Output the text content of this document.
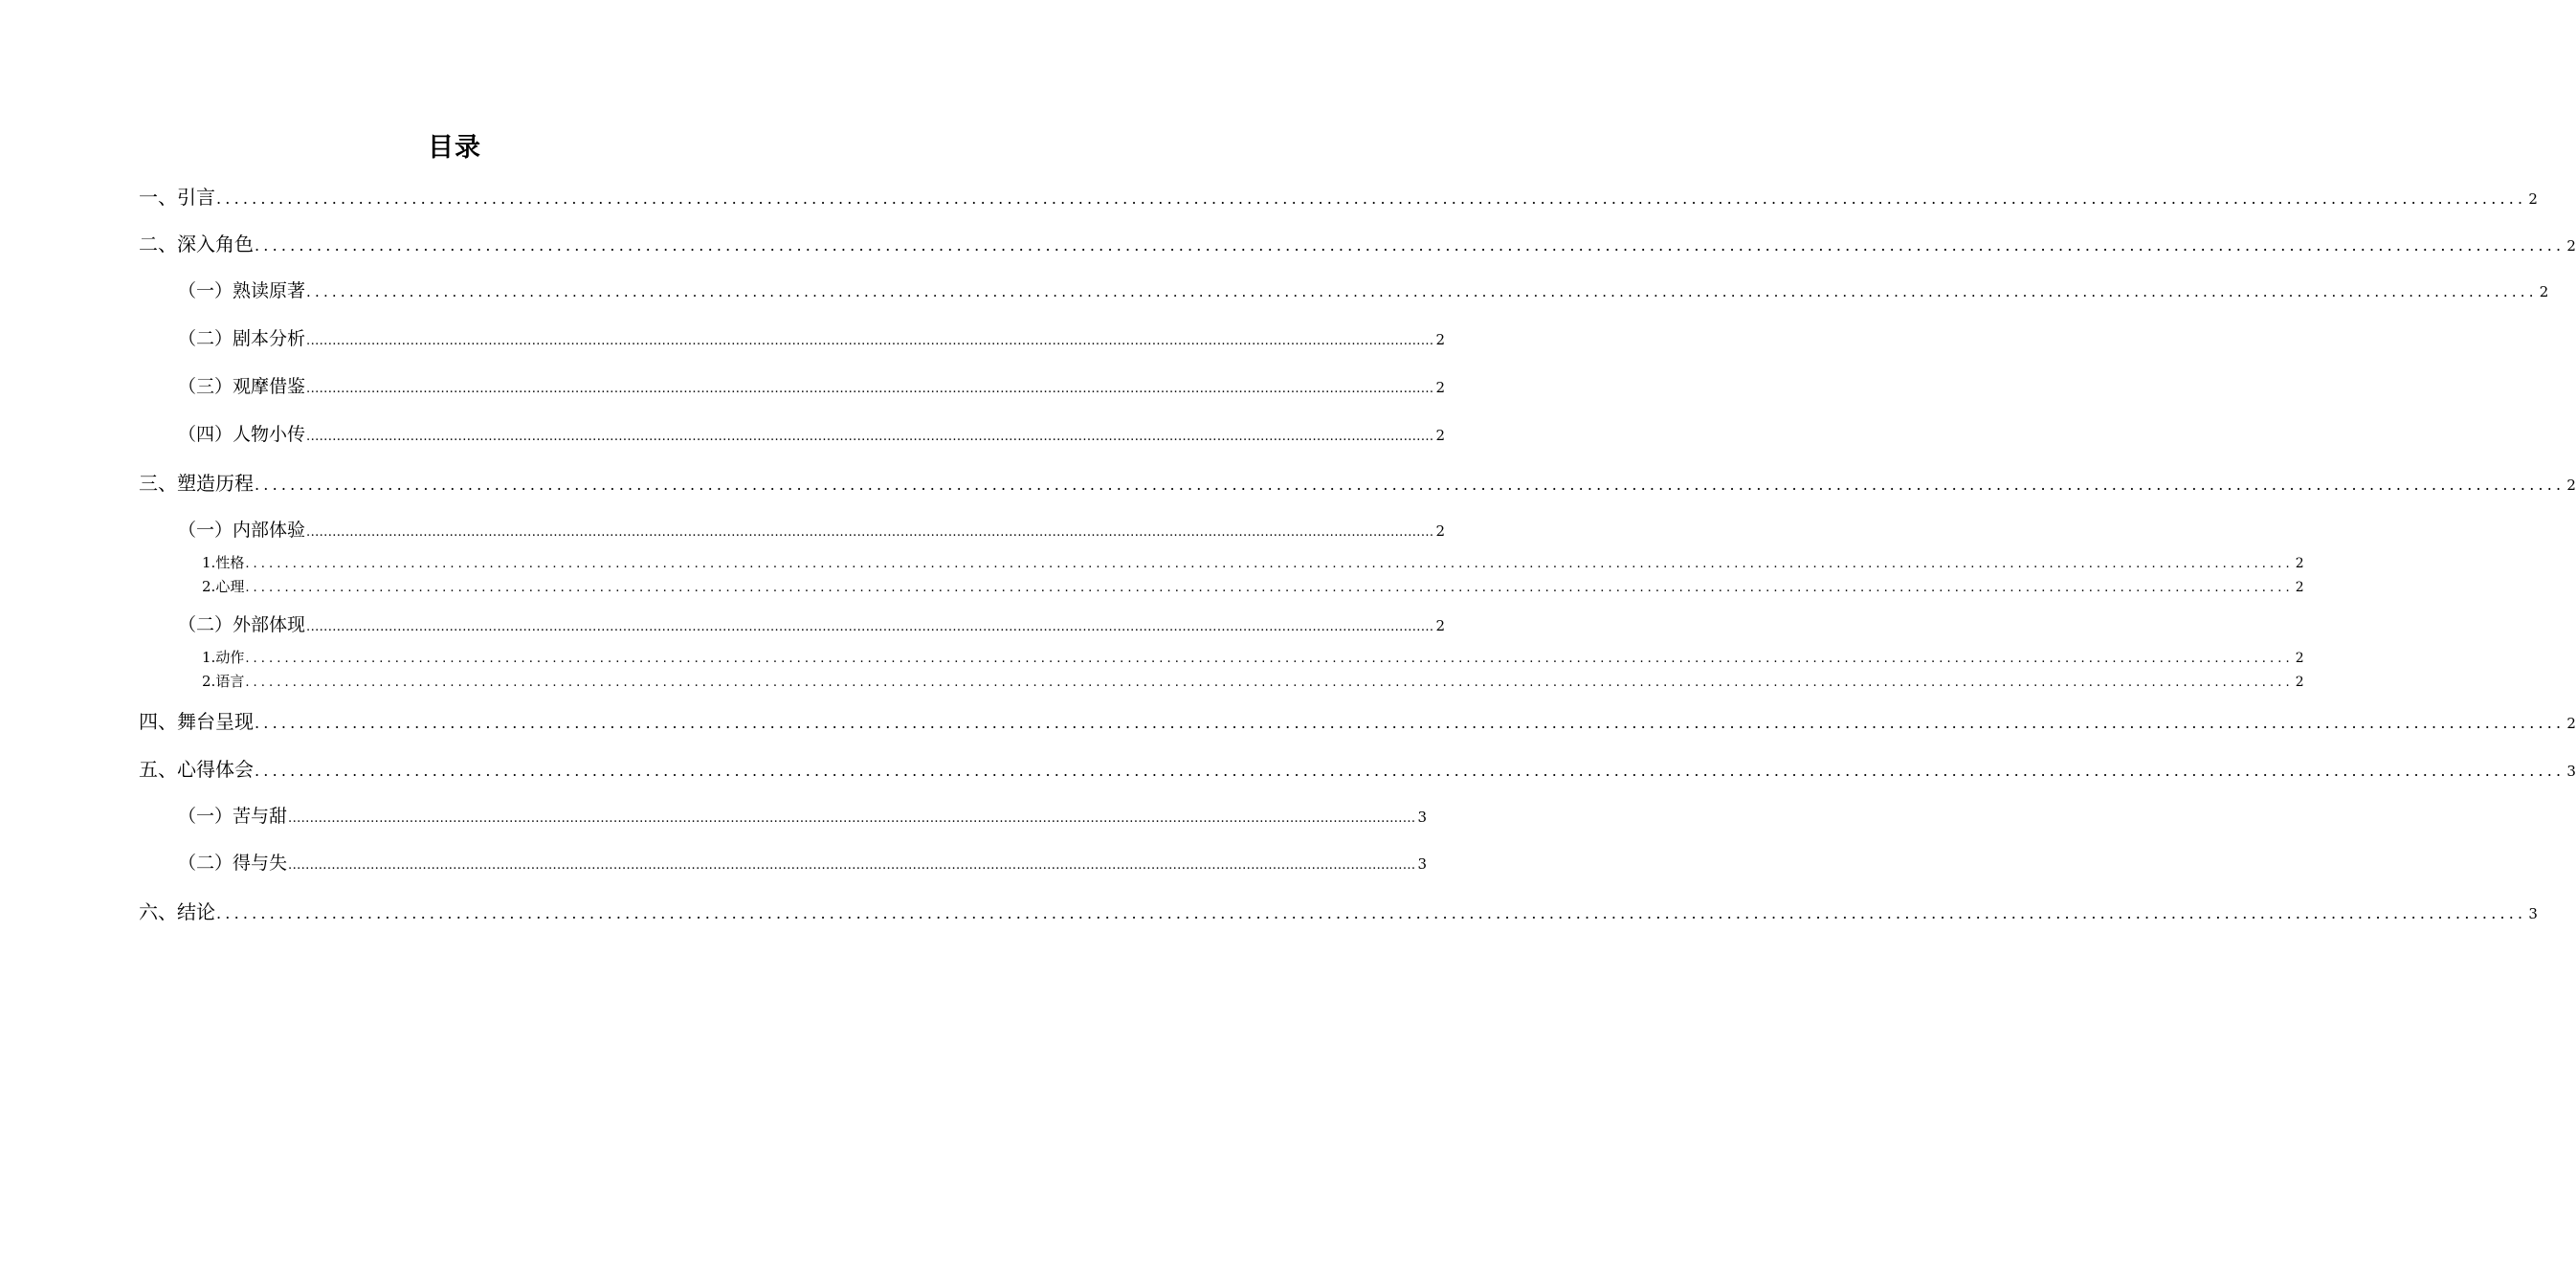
目录
一、 引言 .................................................................................................................................................................................................................................................................... 2
二、 深入角色 .................................................................................................................................................................................................................................................................... 2
（一） 熟读原著 .................................................................................................................................................................................................................................................................... 2
（二） 剧本分析 .................................................................................................................................................................................................................................................................... 2
（三） 观摩借鉴 .................................................................................................................................................................................................................................................................... 2
（四） 人物小传 .................................................................................................................................................................................................................................................................... 2
三、 塑造历程 .................................................................................................................................................................................................................................................................... 2
（一） 内部体验 .................................................................................................................................................................................................................................................................... 2
1. 性格 .................................................................................................................................................................................................................................................................... 2
2. 心理 .................................................................................................................................................................................................................................................................... 2
（二） 外部体现 .................................................................................................................................................................................................................................................................... 2
1. 动作 .................................................................................................................................................................................................................................................................... 2
2. 语言 .................................................................................................................................................................................................................................................................... 2
四、 舞台呈现 .................................................................................................................................................................................................................................................................... 2
五、 心得体会 .................................................................................................................................................................................................................................................................... 3
（一） 苦与甜 .................................................................................................................................................................................................................................................................... 3
（二） 得与失 .................................................................................................................................................................................................................................................................... 3
六、 结论 .................................................................................................................................................................................................................................................................... 3
